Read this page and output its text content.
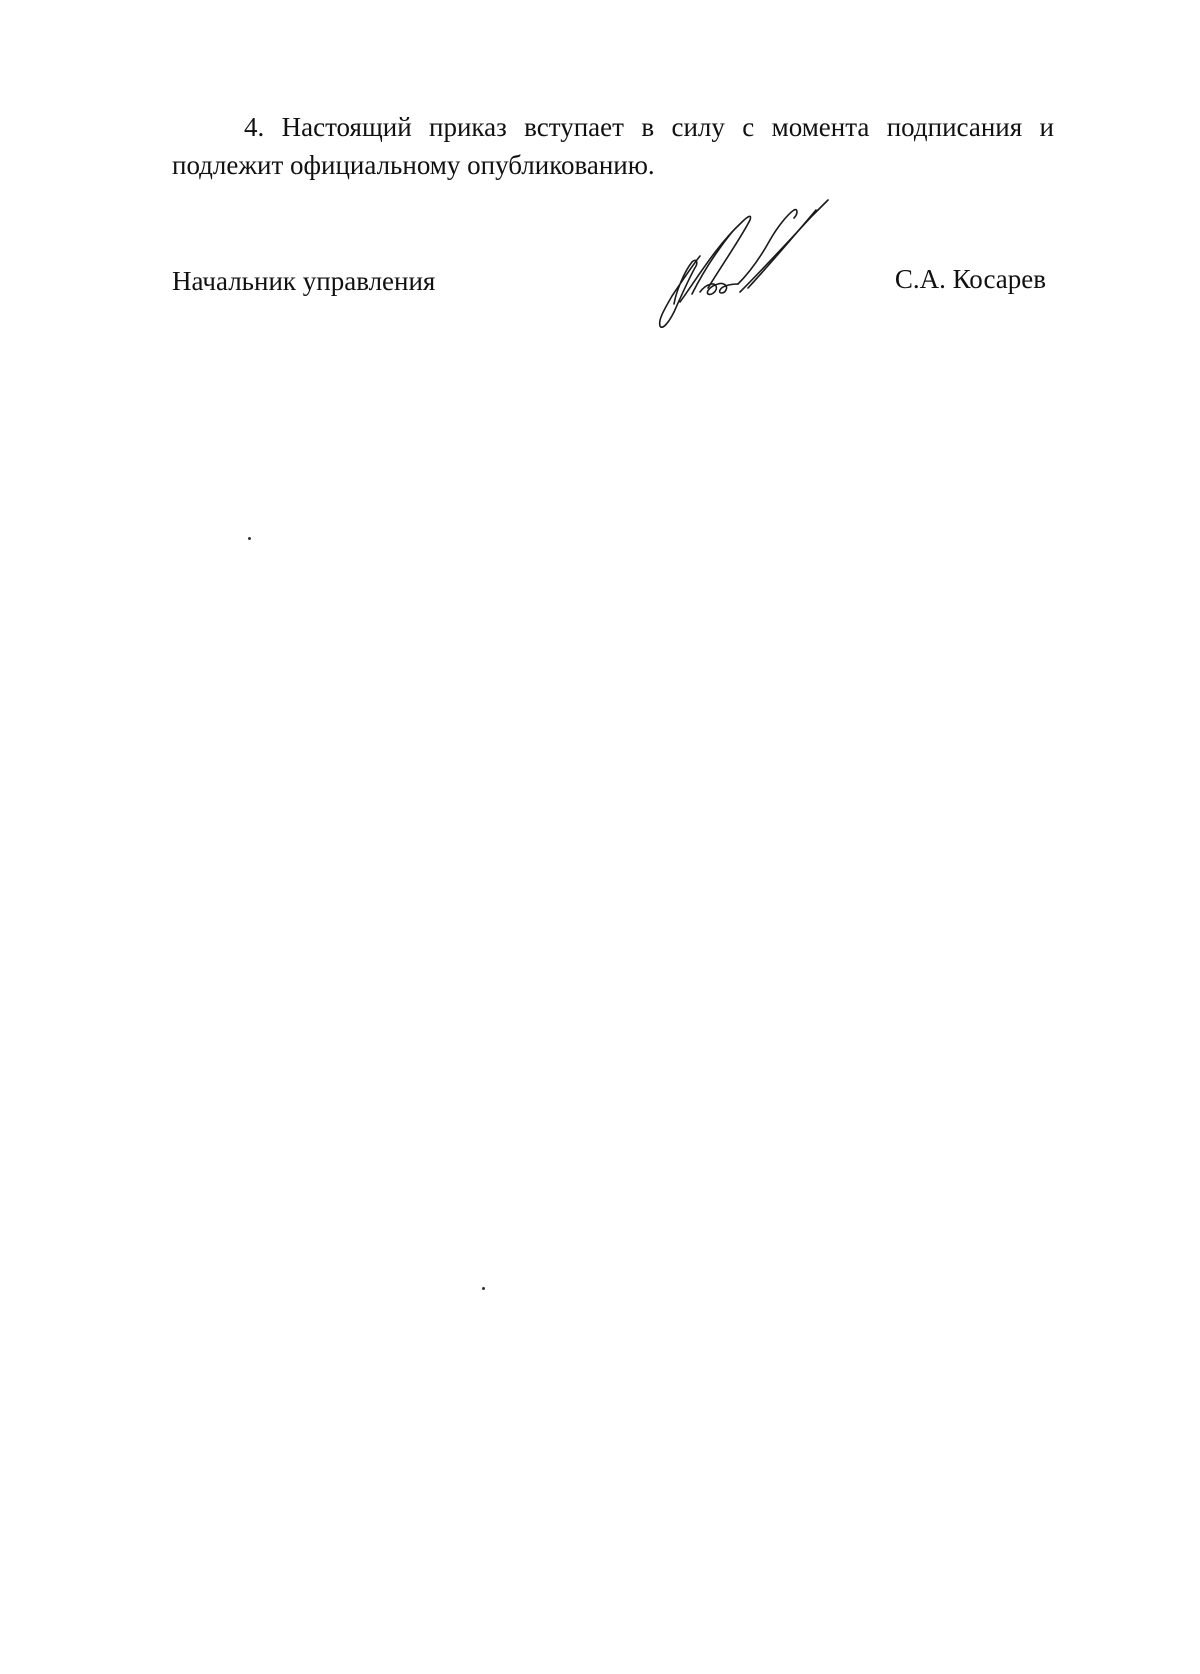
4. Настоящий приказ вступает в силу с момента подписания и подлежит официальному опубликованию.

Начальник управления	С.А. Косарев
